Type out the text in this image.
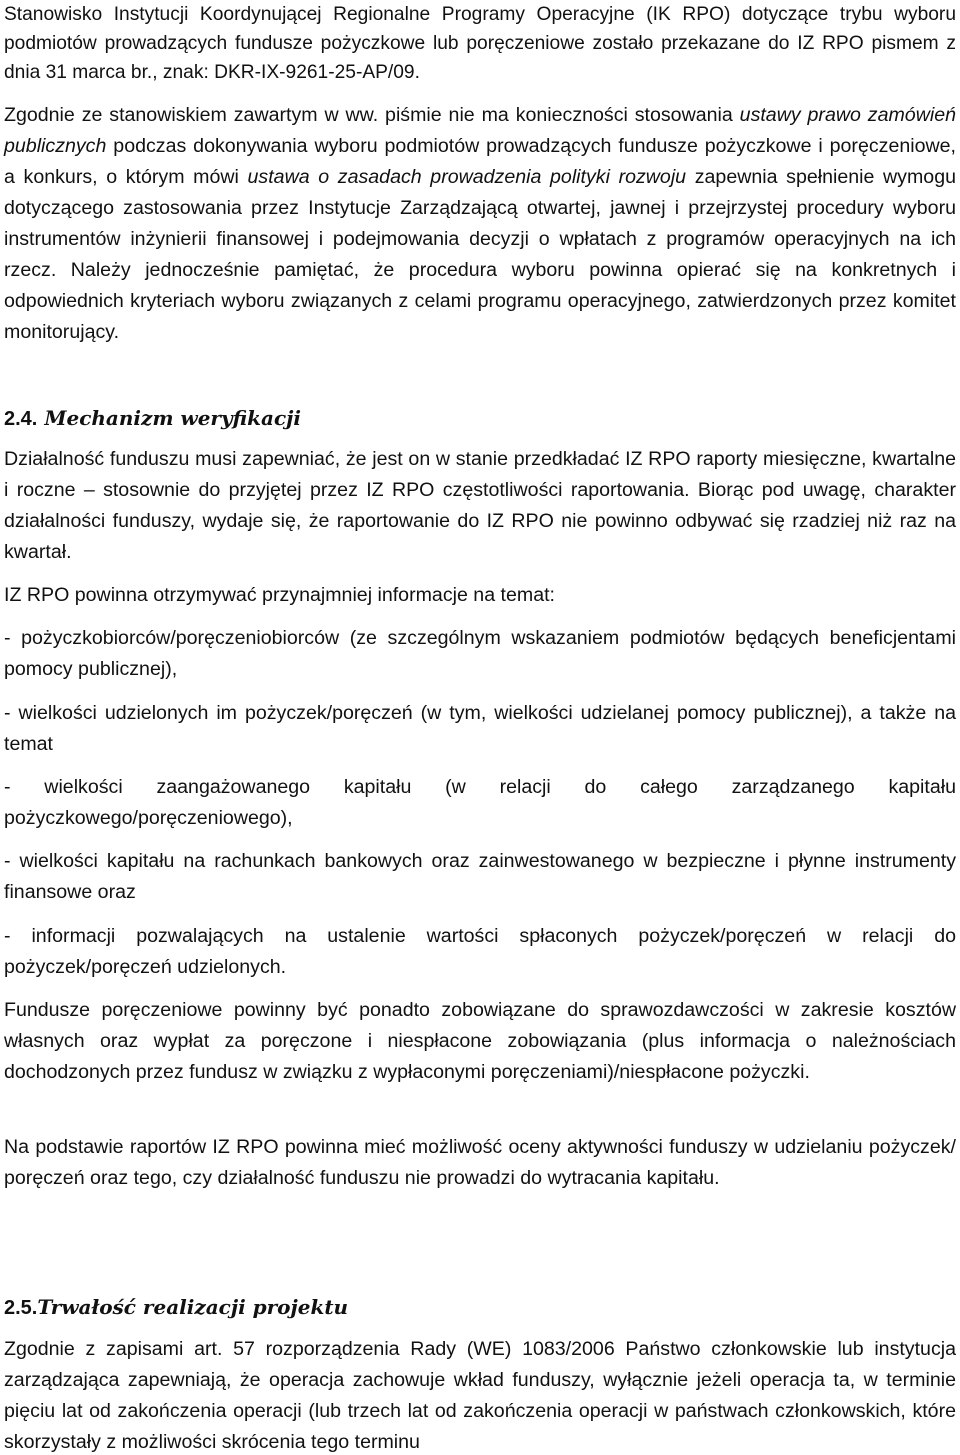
Stanowisko Instytucji Koordynującej Regionalne Programy Operacyjne (IK RPO) dotyczące trybu wyboru podmiotów prowadzących fundusze pożyczkowe lub poręczeniowe zostało przekazane do IZ RPO pismem z dnia 31 marca br., znak: DKR-IX-9261-25-AP/09.

Zgodnie ze stanowiskiem zawartym w ww. piśmie nie ma konieczności stosowania ustawy prawo zamówień publicznych podczas dokonywania wyboru podmiotów prowadzących fundusze pożyczkowe i poręczeniowe, a konkurs, o którym mówi ustawa o zasadach prowadzenia polityki rozwoju zapewnia spełnienie wymogu dotyczącego zastosowania przez Instytucje Zarządzającą otwartej, jawnej i przejrzystej procedury wyboru instrumentów inżynierii finansowej i podejmowania decyzji o wpłatach z programów operacyjnych na ich rzecz. Należy jednocześnie pamiętać, że procedura wyboru powinna opierać się na konkretnych i odpowiednich kryteriach wyboru związanych z celami programu operacyjnego, zatwierdzonych przez komitet monitorujący.

2.4. Mechanizm weryfikacji

Działalność funduszu musi zapewniać, że jest on w stanie przedkładać IZ RPO raporty miesięczne, kwartalne i roczne – stosownie do przyjętej przez IZ RPO częstotliwości raportowania. Biorąc pod uwagę, charakter działalności funduszy, wydaje się, że raportowanie do IZ RPO nie powinno odbywać się rzadziej niż raz na kwartał.

IZ RPO powinna otrzymywać przynajmniej informacje na temat:

- pożyczkobiorców/poręczeniobiorców (ze szczególnym wskazaniem podmiotów będących beneficjentami pomocy publicznej),

- wielkości udzielonych im pożyczek/poręczeń (w tym, wielkości udzielanej pomocy publicznej), a także na temat

- wielkości zaangażowanego kapitału (w relacji do całego zarządzanego kapitału pożyczkowego/poręczeniowego),

- wielkości kapitału na rachunkach bankowych oraz zainwestowanego w bezpieczne i płynne instrumenty finansowe oraz

- informacji pozwalających na ustalenie wartości spłaconych pożyczek/poręczeń w relacji do pożyczek/poręczeń udzielonych.

Fundusze poręczeniowe powinny być ponadto zobowiązane do sprawozdawczości w zakresie kosztów własnych oraz wypłat za poręczone i niespłacone zobowiązania (plus informacja o należnościach dochodzonych przez fundusz w związku z wypłaconymi poręczeniami)/niespłacone pożyczki.

Na podstawie raportów IZ RPO powinna mieć możliwość oceny aktywności funduszy w udzielaniu pożyczek/ poręczeń oraz tego, czy działalność funduszu nie prowadzi do wytracania kapitału.

2.5.Trwałość realizacji projektu

Zgodnie z zapisami art. 57 rozporządzenia Rady (WE) 1083/2006 Państwo członkowskie lub instytucja zarządzająca zapewniają, że operacja zachowuje wkład funduszy, wyłącznie jeżeli operacja ta, w terminie pięciu lat od zakończenia operacji (lub trzech lat od zakończenia operacji w państwach członkowskich, które skorzystały z możliwości skrócenia tego terminu
